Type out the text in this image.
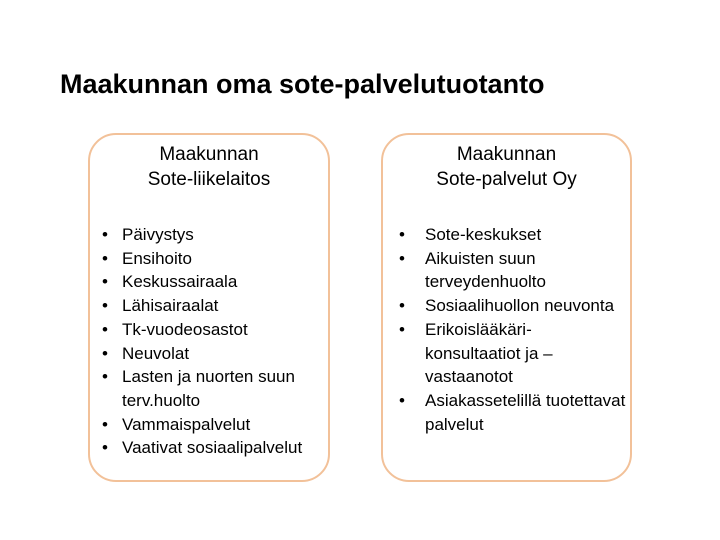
Maakunnan oma sote-palvelutuotanto
Maakunnan
Sote-liikelaitos
• Päivystys
• Ensihoito
• Keskussairaala
• Lähisairaalat
• Tk-vuodeosastot
• Neuvolat
• Lasten ja nuorten suun terv.huolto
• Vammaispalvelut
• Vaativat sosiaalipalvelut
Maakunnan
Sote-palvelut Oy
• Sote-keskukset
• Aikuisten suun terveydenhuolto
• Sosiaalihuollon neuvonta
• Erikoislääkäri-konsultaatiot ja –vastaanotot
• Asiakassetelillä tuotettavat palvelut
